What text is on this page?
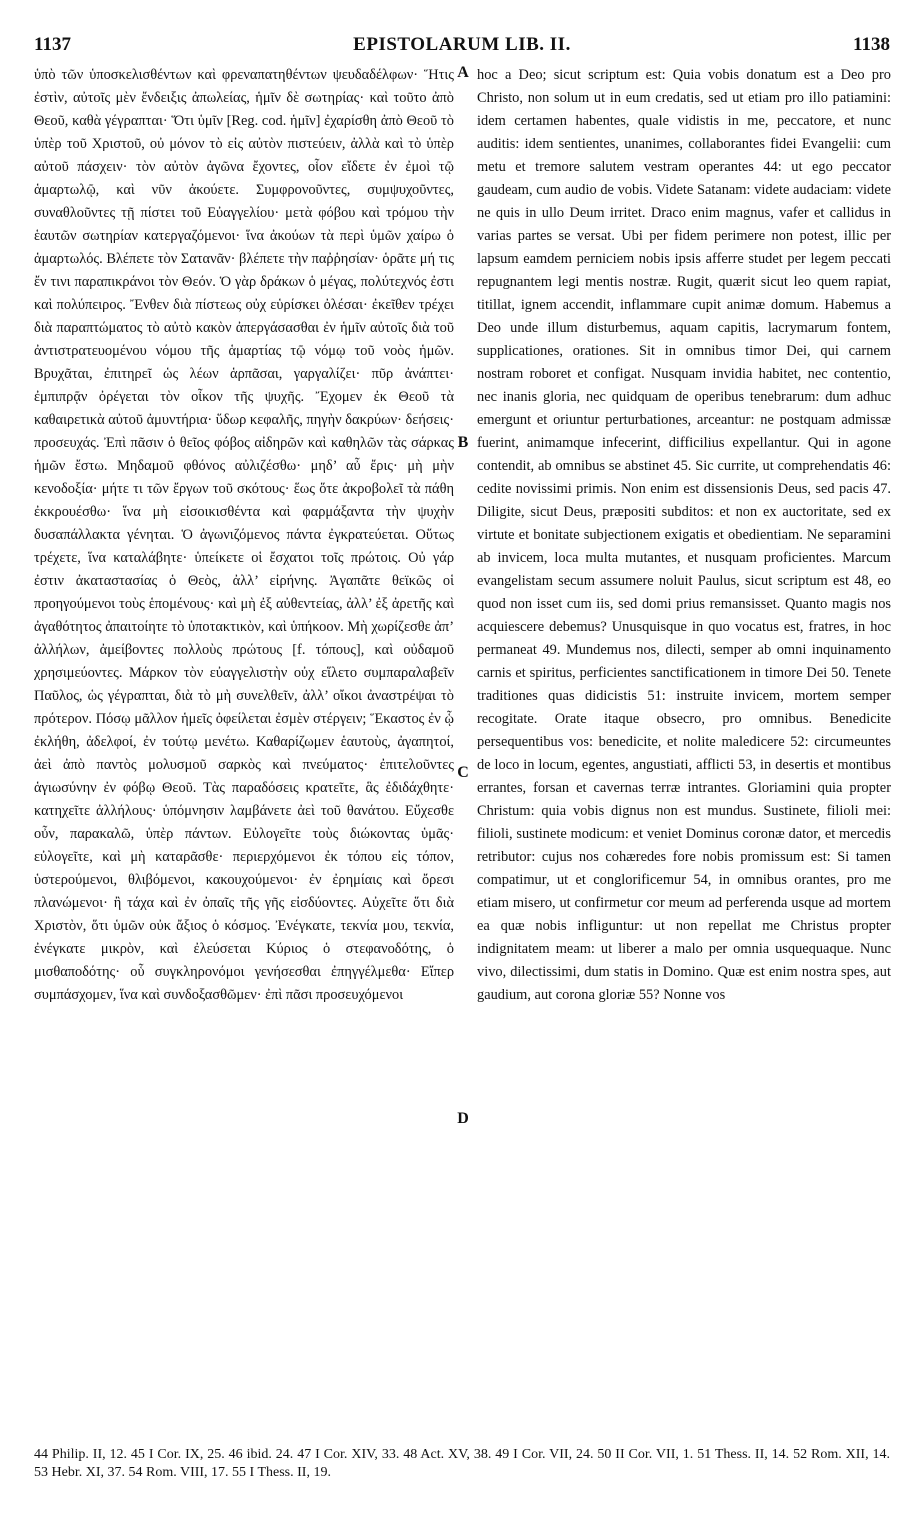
1137	EPISTOLARUM LIB. II.	1138

ὑπὸ τῶν ὑποσκελισθέντων καὶ φρεναπατηθέντων ψευδαδέλφων· Ἥτις ἐστὶν, αὐτοῖς μὲν ἔνδειξις ἀπωλείας, ἡμῖν δὲ σωτηρίας· καὶ τοῦτο ἀπὸ Θεοῦ, καθὰ γέγραπται· Ὅτι ὑμῖν [Reg. cod. ἡμῖν] ἐχαρίσθη ἀπὸ Θεοῦ τὸ ὑπὲρ τοῦ Χριστοῦ, οὐ μόνον τὸ εἰς αὐτὸν πιστεύειν, ἀλλὰ καὶ τὸ ὑπὲρ αὐτοῦ πάσχειν· τὸν αὐτὸν ἀγῶνα ἔχοντες, οἷον εἴδετε ἐν ἐμοὶ τῷ ἁμαρτωλῷ, καὶ νῦν ἀκούετε. Συμφρονοῦντες, συμψυχοῦντες, συναθλοῦντες τῇ πίστει τοῦ Εὐαγγελίου· μετὰ φόβου καὶ τρόμου τὴν ἑαυτῶν σωτηρίαν κατεργαζόμενοι· ἵνα ἀκούων τὰ περὶ ὑμῶν χαίρω ὁ ἁμαρτωλός. Βλέπετε τὸν Σατανᾶν· βλέπετε τὴν παῤῥησίαν· ὁρᾶτε μή τις ἔν τινι παραπικράνοι τὸν Θεόν. Ὁ γὰρ δράκων ὁ μέγας, πολύτεχνός ἐστι καὶ πολύπειρος. Ἔνθεν διὰ πίστεως οὐχ εὑρίσκει ὀλέσαι· ἐκεῖθεν τρέχει διὰ παραπτώματος τὸ αὐτὸ κακὸν ἀπεργάσασθαι ἐν ἡμῖν αὐτοῖς διὰ τοῦ ἀντιστρατευομένου νόμου τῆς ἁμαρτίας τῷ νόμῳ τοῦ νοὸς ἡμῶν. Βρυχᾶται, ἐπιτηρεῖ ὡς λέων ἁρπᾶσαι, γαργαλίζει· πῦρ ἀνάπτει· ἐμπιπρᾷν ὀρέγεται τὸν οἶκον τῆς ψυχῆς. Ἔχομεν ἐκ Θεοῦ τὰ καθαιρετικὰ αὐτοῦ ἀμυντήρια· ὕδωρ κεφαλῆς, πηγὴν δακρύων· δεήσεις· προσευχάς. Ἐπὶ πᾶσιν ὁ θεῖος φόβος αἰδηρῶν καὶ καθηλῶν τὰς σάρκας ἡμῶν ἔστω. Μηδαμοῦ φθόνος αὐλιζέσθω· μηδ’ αὖ ἔρις· μὴ μὴν κενοδοξία· μήτε τι τῶν ἔργων τοῦ σκότους· ἕως ὅτε ἀκροβολεῖ τὰ πάθη ἐκκρουέσθω· ἵνα μὴ εἰσοικισθέντα καὶ φαρμάξαντα τὴν ψυχὴν δυσαπάλλακτα γένηται. Ὁ ἀγωνιζόμενος πάντα ἐγκρατεύεται. Οὕτως τρέχετε, ἵνα καταλάβητε· ὑπείκετε οἱ ἔσχατοι τοῖς πρώτοις. Οὐ γάρ ἐστιν ἀκαταστασίας ὁ Θεὸς, ἀλλ’ εἰρήνης. Ἀγαπᾶτε θεϊκῶς οἱ προηγούμενοι τοὺς ἑπομένους· καὶ μὴ ἐξ αὐθεντείας, ἀλλ’ ἐξ ἀρετῆς καὶ ἀγαθότητος ἀπαιτοίητε τὸ ὑποτακτικὸν, καὶ ὑπήκοον. Μὴ χωρίζεσθε ἀπ’ ἀλλήλων, ἀμείβοντες πολλοὺς πρώτους [f. τόπους], καὶ οὐδαμοῦ χρησιμεύοντες. Μάρκον τὸν εὐαγγελιστὴν οὐχ εἵλετο συμπαραλαβεῖν Παῦλος, ὡς γέγραπται, διὰ τὸ μὴ συνελθεῖν, ἀλλ’ οἴκοι ἀναστρέψαι τὸ πρότερον. Πόσῳ μᾶλλον ἡμεῖς ὀφείλεται ἐσμὲν στέργειν; Ἕκαστος ἐν ᾧ ἐκλήθη, ἀδελφοί, ἐν τούτῳ μενέτω. Καθαρίζωμεν ἑαυτοὺς, ἀγαπητοί, ἀεὶ ἀπὸ παντὸς μολυσμοῦ σαρκὸς καὶ πνεύματος· ἐπιτελοῦντες ἁγιωσύνην ἐν φόβῳ Θεοῦ. Τὰς παραδόσεις κρατεῖτε, ἃς ἐδιδάχθητε· κατηχεῖτε ἀλλήλους· ὑπόμνησιν λαμβάνετε ἀεὶ τοῦ θανάτου. Εὔχεσθε οὖν, παρακαλῶ, ὑπὲρ πάντων. Εὐλογεῖτε τοὺς διώκοντας ὑμᾶς· εὐλογεῖτε, καὶ μὴ καταρᾶσθε· περιερχόμενοι ἐκ τόπου εἰς τόπον, ὑστερούμενοι, θλιβόμενοι, κακουχούμενοι· ἐν ἐρημίαις καὶ ὄρεσι πλανώμενοι· ἢ τάχα καὶ ἐν ὀπαῖς τῆς γῆς εἰσδύοντες. Αὐχεῖτε ὅτι διὰ Χριστὸν, ὅτι ὑμῶν οὐκ ἄξιος ὁ κόσμος. Ἐνέγκατε, τεκνία μου, τεκνία, ἐνέγκατε μικρὸν, καὶ ἐλεύσεται Κύριος ὁ στεφανοδότης, ὁ μισθαποδότης· οὗ συγκληρονόμοι γενήσεσθαι ἐπηγγέλμεθα· Εἴπερ συμπάσχομεν, ἵνα καὶ συνδοξασθῶμεν· ἐπὶ πᾶσι προσευχόμενοι

A
B
C
D

hoc a Deo; sicut scriptum est: Quia vobis donatum est a Deo pro Christo, non solum ut in eum credatis, sed ut etiam pro illo patiamini: idem certamen habentes, quale vidistis in me, peccatore, et nunc auditis: idem sentientes, unanimes, collaborantes fidei Evangelii: cum metu et tremore salutem vestram operantes 44: ut ego peccator gaudeam, cum audio de vobis. Videte Satanam: videte audaciam: videte ne quis in ullo Deum irritet. Draco enim magnus, vafer et callidus in varias partes se versat. Ubi per fidem perimere non potest, illic per lapsum eamdem perniciem nobis ipsis afferre studet per legem peccati repugnantem legi mentis nostræ. Rugit, quærit sicut leo quem rapiat, titillat, ignem accendit, inflammare cupit animæ domum. Habemus a Deo unde illum disturbemus, aquam capitis, lacrymarum fontem, supplicationes, orationes. Sit in omnibus timor Dei, qui carnem nostram roboret et configat. Nusquam invidia habitet, nec contentio, nec inanis gloria, nec quidquam de operibus tenebrarum: dum adhuc emergunt et oriuntur perturbationes, arceantur: ne postquam admissæ fuerint, animamque infecerint, difficilius expellantur. Qui in agone contendit, ab omnibus se abstinet 45. Sic currite, ut comprehendatis 46: cedite novissimi primis. Non enim est dissensionis Deus, sed pacis 47. Diligite, sicut Deus, præpositi subditos: et non ex auctoritate, sed ex virtute et bonitate subjectionem exigatis et obedientiam. Ne separamini ab invicem, loca multa mutantes, et nusquam proficientes. Marcum evangelistam secum assumere noluit Paulus, sicut scriptum est 48, eo quod non isset cum iis, sed domi prius remansisset. Quanto magis nos acquiescere debemus? Unusquisque in quo vocatus est, fratres, in hoc permaneat 49. Mundemus nos, dilecti, semper ab omni inquinamento carnis et spiritus, perficientes sanctificationem in timore Dei 50. Tenete traditiones quas didicistis 51: instruite invicem, mortem semper recogitate. Orate itaque obsecro, pro omnibus. Benedicite persequentibus vos: benedicite, et nolite maledicere 52: circumeuntes de loco in locum, egentes, angustiati, afflicti 53, in desertis et montibus errantes, forsan et cavernas terræ intrantes. Gloriamini quia propter Christum: quia vobis dignus non est mundus. Sustinete, filioli mei: filioli, sustinete modicum: et veniet Dominus coronæ dator, et mercedis retributor: cujus nos cohæredes fore nobis promissum est: Si tamen compatimur, ut et conglorificemur 54, in omnibus orantes, pro me etiam misero, ut confirmetur cor meum ad perferenda usque ad mortem ea quæ nobis infliguntur: ut non repellat me Christus propter indignitatem meam: ut liberer a malo per omnia usquequaque. Nunc vivo, dilectissimi, dum statis in Domino. Quæ est enim nostra spes, aut gaudium, aut corona gloriæ 55? Nonne vos

44 Philip. II, 12. 45 I Cor. IX, 25. 46 ibid. 24. 47 I Cor. XIV, 33. 48 Act. XV, 38. 49 I Cor. VII, 24. 50 II Cor. VII, 1. 51 Thess. II, 14. 52 Rom. XII, 14. 53 Hebr. XI, 37. 54 Rom. VIII, 17. 55 I Thess. II, 19.
